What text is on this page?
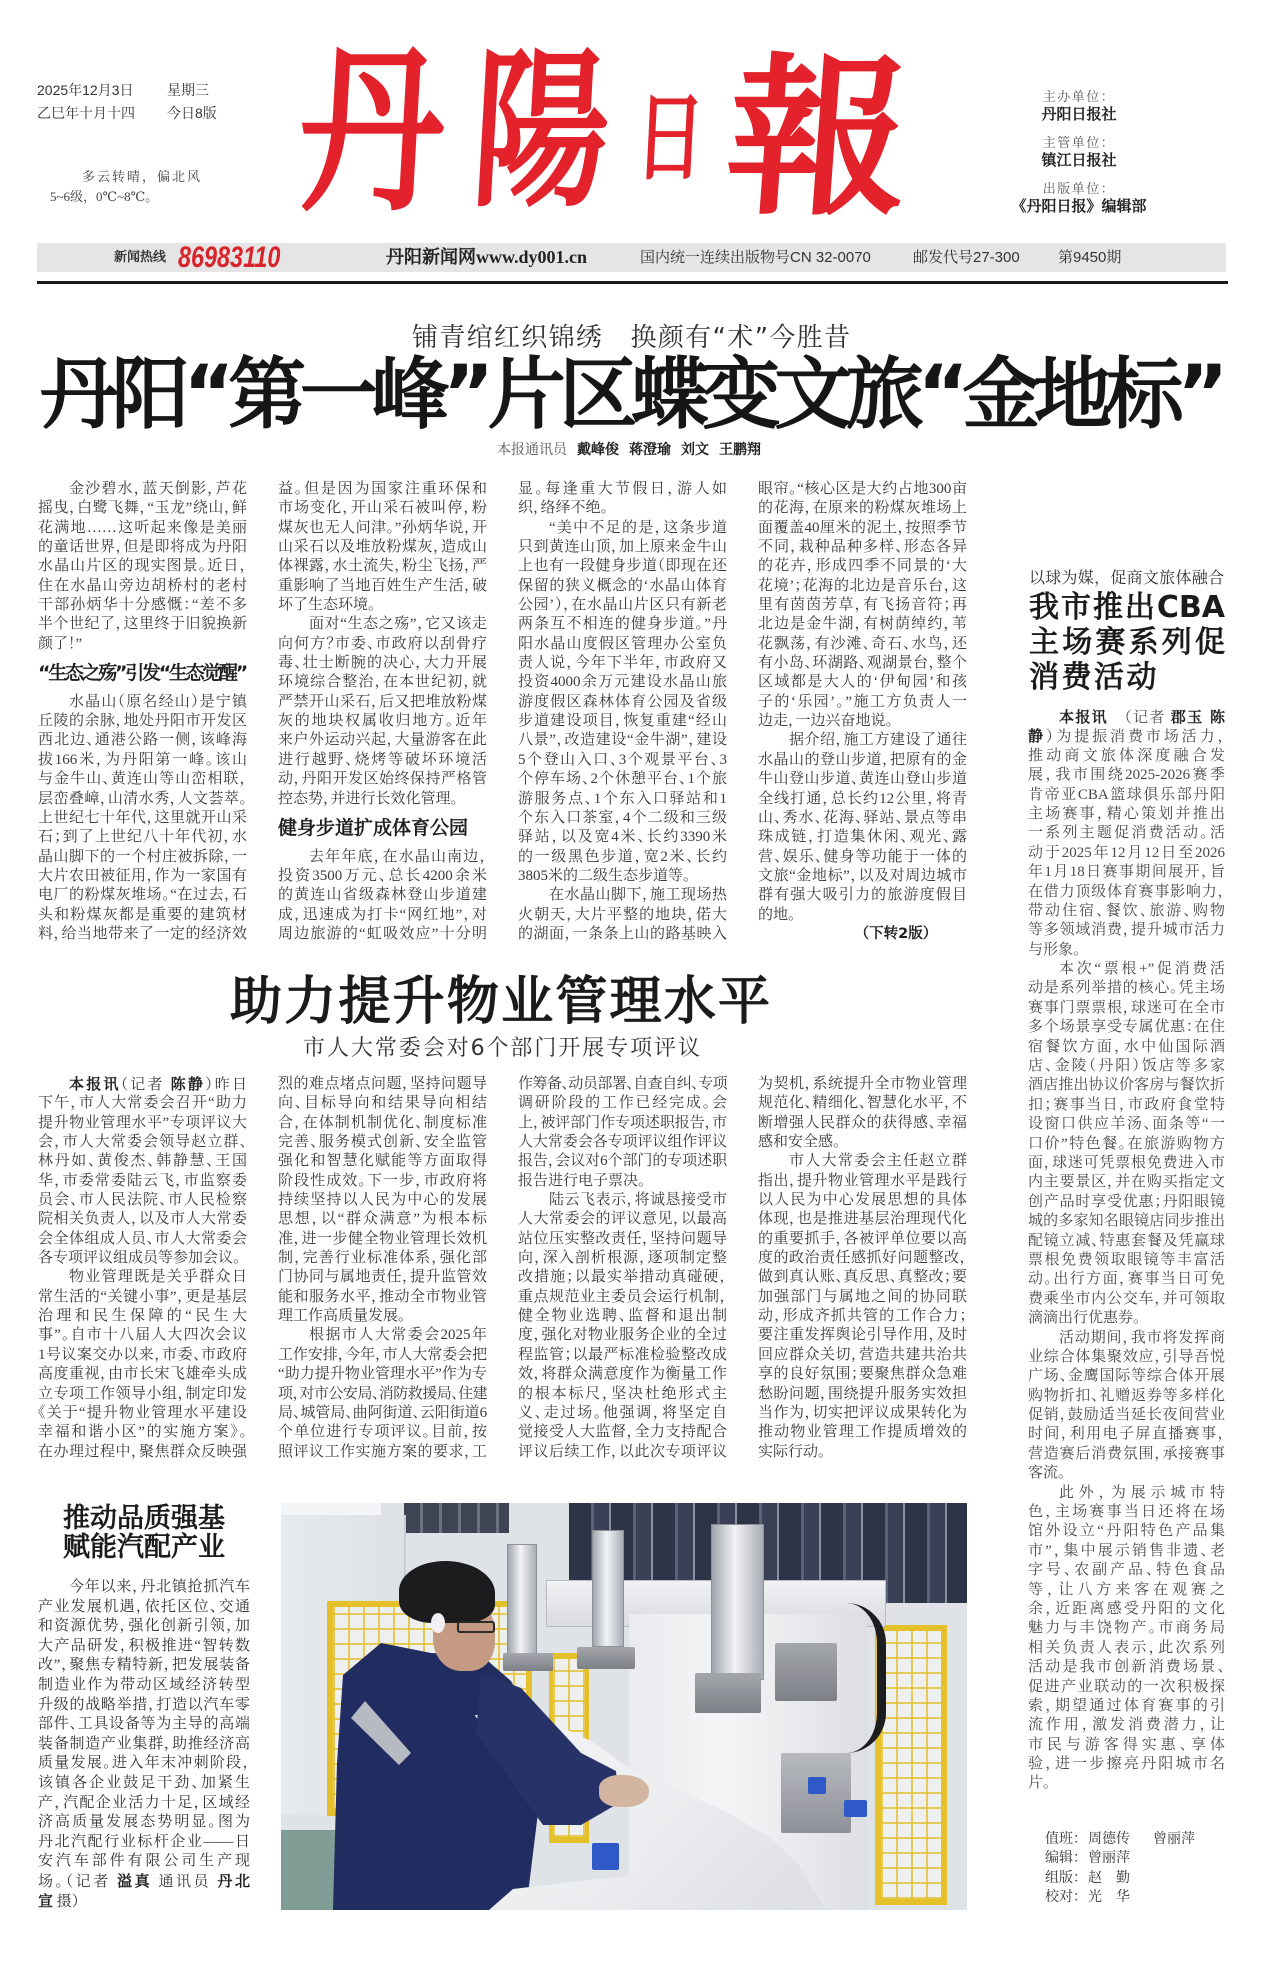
2025年12月3日 星期三
乙巳年十月十四 今日8版
多云转晴，偏北风
5~6级，0℃~8℃。 丹 陽 日 報	主办单位：
丹阳日报社
主管单位：
镇江日报社
出版单位：
《丹阳日报》编辑部
新闻热线 86983110	丹阳新闻网www.dy001.cn	国内统一连续出版物号CN 32-0070	邮发代号27-300	第9450期
铺青绾红织锦绣　换颜有“术”今胜昔
丹阳“第一峰”片区蝶变文旅“金地标”
本报通讯员 戴峰俊 蒋澄瑜 刘文 王鹏翔
金沙碧水，蓝天倒影，芦花
摇曳，白鹭飞舞，“玉龙”绕山，鲜
花满地……这听起来像是美丽
的童话世界，但是即将成为丹阳
水晶山片区的现实图景。近日，
住在水晶山旁边胡桥村的老村
干部孙炳华十分感慨：“差不多
半个世纪了，这里终于旧貌换新
颜了！”
“生态之殇”引发“生态觉醒”
水晶山（原名经山）是宁镇
丘陵的余脉，地处丹阳市开发区
西北边、通港公路一侧，该峰海
拔166米，为丹阳第一峰。该山
与金牛山、黄连山等山峦相联，
层峦叠嶂，山清水秀，人文荟萃。
上世纪七十年代，这里就开山采
石；到了上世纪八十年代初，水
晶山脚下的一个村庄被拆除，一
大片农田被征用，作为一家国有
电厂的粉煤灰堆场。“在过去，石
头和粉煤灰都是重要的建筑材
料，给当地带来了一定的经济效
益。但是因为国家注重环保和
市场变化，开山采石被叫停，粉
煤灰也无人问津。”孙炳华说，开
山采石以及堆放粉煤灰，造成山
体裸露，水土流失，粉尘飞扬，严
重影响了当地百姓生产生活，破
坏了生态环境。
面对“生态之殇”，它又该走
向何方？市委、市政府以刮骨疗
毒、壮士断腕的决心，大力开展
环境综合整治，在本世纪初，就
严禁开山采石，后又把堆放粉煤
灰的地块权属收归地方。近年
来户外运动兴起，大量游客在此
进行越野、烧烤等破坏环境活
动，丹阳开发区始终保持严格管
控态势，并进行长效化管理。
健身步道扩成体育公园
去年年底，在水晶山南边，
投资3500万元、总长4200余米
的黄连山省级森林登山步道建
成，迅速成为打卡“网红地”，对
周边旅游的“虹吸效应”十分明
显。每逢重大节假日，游人如
织，络绎不绝。
“美中不足的是，这条步道
只到黄连山顶，加上原来金牛山
上也有一段健身步道（即现在还
保留的狭义概念的‘水晶山体育
公园’），在水晶山片区只有新老
两条互不相连的健身步道。”丹
阳水晶山度假区管理办公室负
责人说，今年下半年，市政府又
投资4000余万元建设水晶山旅
游度假区森林体育公园及省级
步道建设项目，恢复重建“经山
八景”，改造建设“金牛湖”，建设
5个登山入口、3个观景平台、3
个停车场、2个休憩平台、1个旅
游服务点、1个东入口驿站和1
个东入口茶室，4个二级和三级
驿站，以及宽4米、长约3390米
的一级黑色步道，宽2米、长约
3805米的二级生态步道等。
在水晶山脚下，施工现场热
火朝天，大片平整的地块，偌大
的湖面，一条条上山的路基映入
眼帘。“核心区是大约占地300亩
的花海，在原来的粉煤灰堆场上
面覆盖40厘米的泥土，按照季节
不同，栽种品种多样、形态各异
的花卉，形成四季不同景的‘大
花境’；花海的北边是音乐台，这
里有茵茵芳草，有飞扬音符；再
北边是金牛湖，有树荫绰约，苇
花飘荡，有沙滩、奇石、水鸟，还
有小岛、环湖路、观湖景台，整个
区域都是大人的‘伊甸园’和孩
子的‘乐园’。”施工方负责人一
边走，一边兴奋地说。
据介绍，施工方建设了通往
水晶山的登山步道，把原有的金
牛山登山步道、黄连山登山步道
全线打通，总长约12公里，将青
山、秀水、花海、驿站、景点等串
珠成链，打造集休闲、观光、露
营、娱乐、健身等功能于一体的
文旅“金地标”，以及对周边城市
群有强大吸引力的旅游度假目
的地。
（下转2版）
助力提升物业管理水平
市人大常委会对6个部门开展专项评议
本报讯（记者 陈静）昨日
下午，市人大常委会召开“助力
提升物业管理水平”专项评议大
会，市人大常委会领导赵立群、
林丹如、黄俊杰、韩静慧、王国
华，市委常委陆云飞，市监察委
员会、市人民法院、市人民检察
院相关负责人，以及市人大常委
会全体组成人员、市人大常委会
各专项评议组成员等参加会议。
物业管理既是关乎群众日
常生活的“关键小事”，更是基层
治理和民生保障的“民生大
事”。自市十八届人大四次会议
1号议案交办以来，市委、市政府
高度重视，由市长宋飞雄牵头成
立专项工作领导小组，制定印发
《关于“提升物业管理水平建设
幸福和谐小区”的实施方案》。
在办理过程中，聚焦群众反映强
烈的难点堵点问题，坚持问题导
向、目标导向和结果导向相结
合，在体制机制优化、制度标准
完善、服务模式创新、安全监管
强化和智慧化赋能等方面取得
阶段性成效。下一步，市政府将
持续坚持以人民为中心的发展
思想，以“群众满意”为根本标
准，进一步健全物业管理长效机
制，完善行业标准体系，强化部
门协同与属地责任，提升监管效
能和服务水平，推动全市物业管
理工作高质量发展。
根据市人大常委会2025年
工作安排，今年，市人大常委会把
“助力提升物业管理水平”作为专
项，对市公安局、消防救援局、住建
局、城管局、曲阿街道、云阳街道6
个单位进行专项评议。目前，按
照评议工作实施方案的要求，工
作筹备、动员部署、自查自纠、专项
调研阶段的工作已经完成。会
上，被评部门作专项述职报告，市
人大常委会各专项评议组作评议
报告，会议对6个部门的专项述职
报告进行电子票决。
陆云飞表示，将诚恳接受市
人大常委会的评议意见，以最高
站位压实整改责任，坚持问题导
向，深入剖析根源，逐项制定整
改措施；以最实举措动真碰硬，
重点规范业主委员会运行机制，
健全物业选聘、监督和退出制
度，强化对物业服务企业的全过
程监管；以最严标准检验整改成
效，将群众满意度作为衡量工作
的根本标尺，坚决杜绝形式主
义、走过场。他强调，将坚定自
觉接受人大监督，全力支持配合
评议后续工作，以此次专项评议
为契机，系统提升全市物业管理
规范化、精细化、智慧化水平，不
断增强人民群众的获得感、幸福
感和安全感。
市人大常委会主任赵立群
指出，提升物业管理水平是践行
以人民为中心发展思想的具体
体现，也是推进基层治理现代化
的重要抓手，各被评单位要以高
度的政治责任感抓好问题整改，
做到真认账、真反思、真整改；要
加强部门与属地之间的协同联
动，形成齐抓共管的工作合力；
要注重发挥舆论引导作用，及时
回应群众关切，营造共建共治共
享的良好氛围；要聚焦群众急难
愁盼问题，围绕提升服务实效担
当作为，切实把评议成果转化为
推动物业管理工作提质增效的
实际行动。
推动品质强基
赋能汽配产业
今年以来，丹北镇抢抓汽车
产业发展机遇，依托区位、交通
和资源优势，强化创新引领，加
大产品研发，积极推进“智转数
改”，聚焦专精特新，把发展装备
制造业作为带动区域经济转型
升级的战略举措，打造以汽车零
部件、工具设备等为主导的高端
装备制造产业集群，助推经济高
质量发展。进入年末冲刺阶段，
该镇各企业鼓足干劲、加紧生
产，汽配企业活力十足，区域经
济高质量发展态势明显。图为
丹北汽配行业标杆企业——日
安汽车部件有限公司生产现
场。（记者 溢真 通讯员 丹北
宣 摄）
以球为媒，促商文旅体融合
我市推出CBA
主场赛系列促
消费活动
本报讯　（记者 郡玉 陈
静）为提振消费市场活力，
推动商文旅体深度融合发
展，我市围绕2025-2026赛季
肯帝亚CBA篮球俱乐部丹阳
主场赛事，精心策划并推出
一系列主题促消费活动。活
动于2025年12月12日至2026
年1月18日赛事期间展开，旨
在借力顶级体育赛事影响力，
带动住宿、餐饮、旅游、购物
等多领域消费，提升城市活力
与形象。
本次“票根+”促消费活
动是系列举措的核心。凭主场
赛事门票票根，球迷可在全市
多个场景享受专属优惠：在住
宿餐饮方面，水中仙国际酒
店、金陵（丹阳）饭店等多家
酒店推出协议价客房与餐饮折
扣；赛事当日，市政府食堂特
设窗口供应羊汤、面条等“一
口价”特色餐。在旅游购物方
面，球迷可凭票根免费进入市
内主要景区，并在购买指定文
创产品时享受优惠；丹阳眼镜
城的多家知名眼镜店同步推出
配镜立减、特惠套餐及凭赢球
票根免费领取眼镜等丰富活
动。出行方面，赛事当日可免
费乘坐市内公交车，并可领取
滴滴出行优惠券。
活动期间，我市将发挥商
业综合体集聚效应，引导吾悦
广场、金鹰国际等综合体开展
购物折扣、礼赠返券等多样化
促销，鼓励适当延长夜间营业
时间，利用电子屏直播赛事，
营造赛后消费氛围，承接赛事
客流。
此外，为展示城市特
色，主场赛事当日还将在场
馆外设立“丹阳特色产品集
市”，集中展示销售非遗、老
字号、农副产品、特色食品
等，让八方来客在观赛之
余，近距离感受丹阳的文化
魅力与丰饶物产。市商务局
相关负责人表示，此次系列
活动是我市创新消费场景、
促进产业联动的一次积极探
索，期望通过体育赛事的引
流作用，激发消费潜力，让
市民与游客得实惠、享体
验，进一步擦亮丹阳城市名
片。
值班：周德传 曾丽萍
编辑：曾丽萍
组版：赵　勤
校对：光　华
